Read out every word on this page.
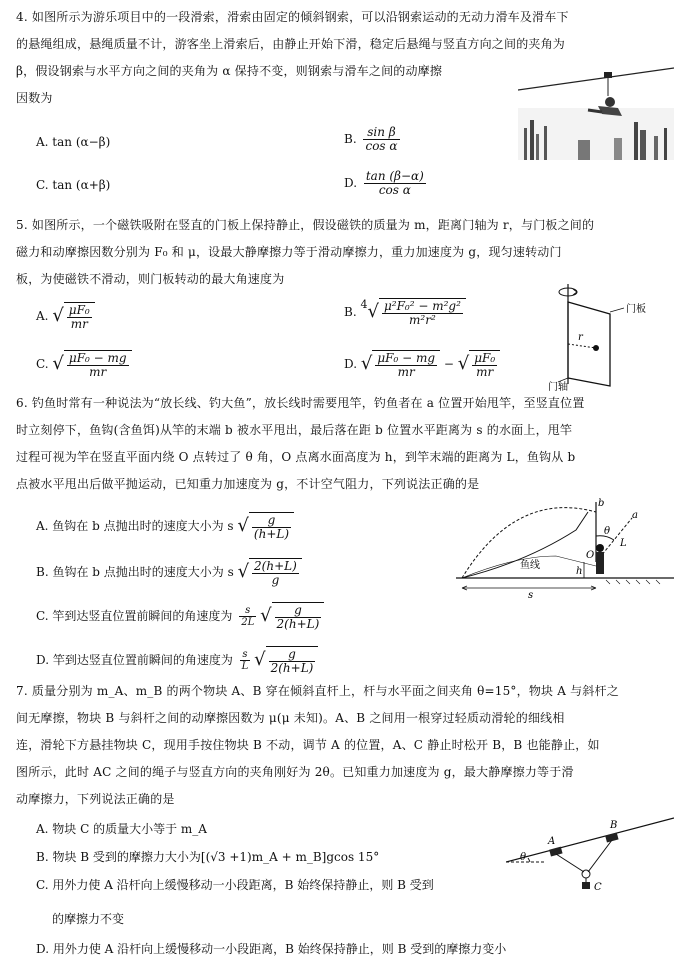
4. 如图所示为游乐项目中的一段滑索，滑索由固定的倾斜钢索，可以沿钢索运动的无动力滑车及滑车下

的悬绳组成，悬绳质量不计，游客坐上滑索后，由静止开始下滑，稳定后悬绳与竖直方向之间的夹角为

β，假设钢索与水平方向之间的夹角为 α 保持不变，则钢索与滑车之间的动摩擦

因数为

A. tan (α−β)	B. $\frac{\text{sin β}}{\text{cos α}}$
C. tan (α+β)	D. $\frac{\tan (\beta-\alpha)}{\text{cos α}}$

5. 如图所示，一个磁铁吸附在竖直的门板上保持静止，假设磁铁的质量为 m，距离门轴为 r，与门板之间的

磁力和动摩擦因数分别为 F₀ 和 μ，设最大静摩擦力等于滑动摩擦力，重力加速度为 g，现匀速转动门

板，为使磁铁不滑动，则门板转动的最大角速度为

A. √ $\frac{\text{μF₀}}{mr}$	B. $4√ \frac{\text{μ²F₀² − m²g²}}{\text{m²r²}}$
C. √ $\frac{\text{μF₀ − mg}}{mr}$	D. √ $\frac{\text{μF₀ − mg}}{mr}$ − √ $\frac{\text{μF₀}}{mr}$
r
门板
门轴

6. 钓鱼时常有一种说法为“放长线、钓大鱼”，放长线时需要甩竿，钓鱼者在 a 位置开始甩竿，至竖直位置

时立刻停下，鱼钩(含鱼饵)从竿的末端 b 被水平甩出，最后落在距 b 位置水平距离为 s 的水面上，甩竿

过程可视为竿在竖直平面内绕 O 点转过了 θ 角，O 点离水面高度为 h，到竿末端的距离为 L，鱼钩从 b

点被水平甩出后做平抛运动，已知重力加速度为 g，不计空气阻力，下列说法正确的是

A. 鱼钩在 b 点抛出时的速度大小为 s √ $\frac{g}{(h+L)}$
B. 鱼钩在 b 点抛出时的速度大小为 s √ $\frac{2(h+L)}{g}$
C. 竿到达竖直位置前瞬间的角速度为 $\frac{s}{2L}$ √ $\frac{g}{2(h+L)}$
D. 竿到达竖直位置前瞬间的角速度为 $\frac{s}{L}$ √ $\frac{g}{2(h+L)}$
s
鱼线
b
a
θ
O
L
h

7. 质量分别为 m_A、m_B 的两个物块 A、B 穿在倾斜直杆上，杆与水平面之间夹角 θ=15°，物块 A 与斜杆之

间无摩擦，物块 B 与斜杆之间的动摩擦因数为 μ(μ 未知)。A、B 之间用一根穿过轻质动滑轮的细线相

连，滑轮下方悬挂物块 C，现用手按住物块 B 不动，调节 A 的位置，A、C 静止时松开 B，B 也能静止，如

图所示，此时 AC 之间的绳子与竖直方向的夹角刚好为 2θ。已知重力加速度为 g，最大静摩擦力等于滑

动摩擦力，下列说法正确的是

A. 物块 C 的质量大小等于 m_A
B. 物块 B 受到的摩擦力大小为[(√3 +1)m_A + m_B]gcos 15°
C. 用外力使 A 沿杆向上缓慢移动一小段距离，B 始终保持静止，则 B 受到
的摩擦力不变
D. 用外力使 A 沿杆向上缓慢移动一小段距离，B 始终保持静止，则 B 受到的摩擦力变小
θ
A
B
C
